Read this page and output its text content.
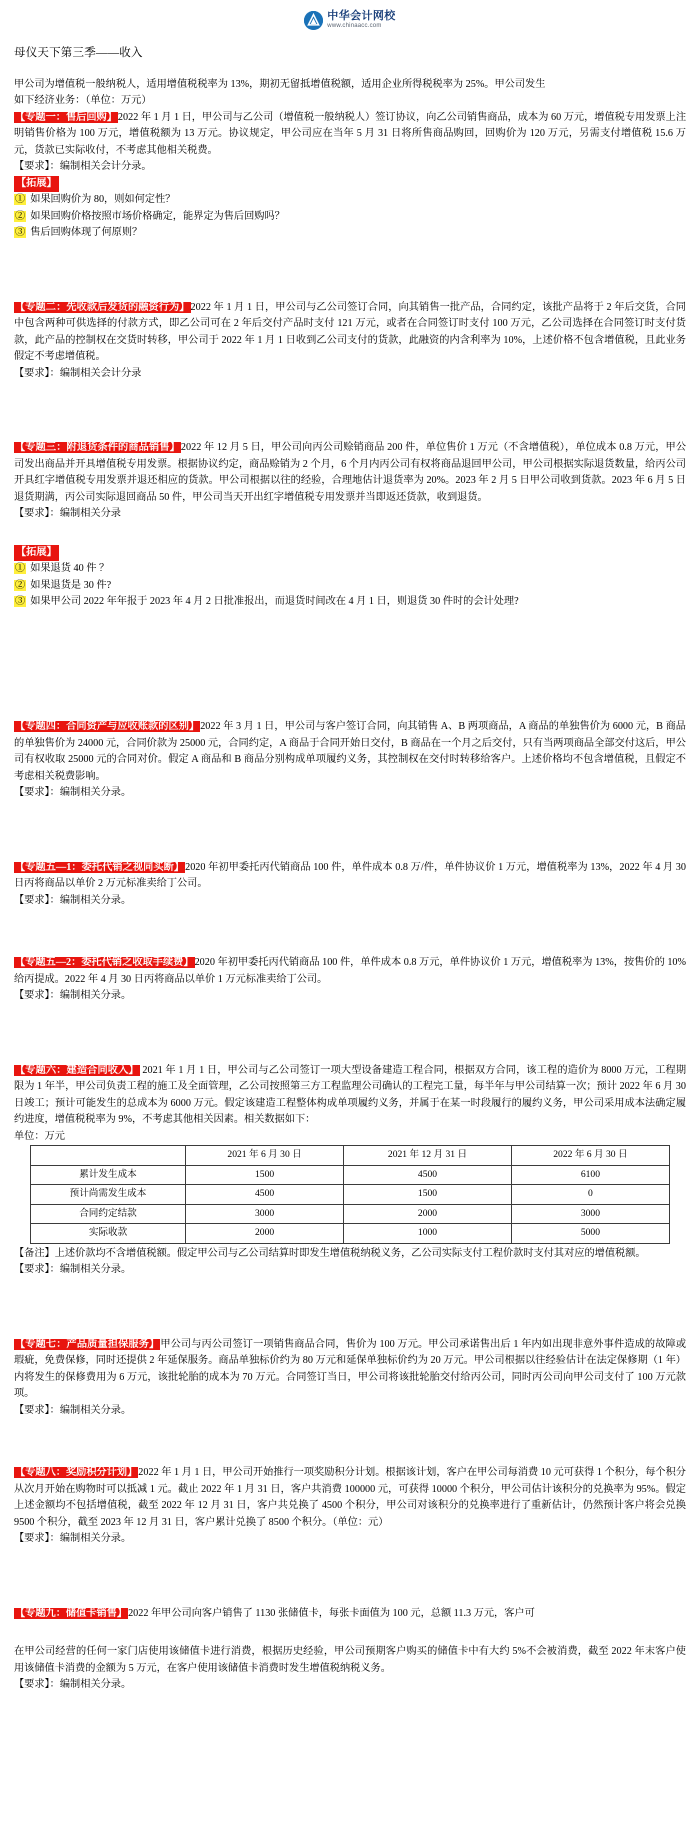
中华会计网校
www.chinaacc.com
母仪天下第三季——收入

甲公司为增值税一般纳税人，适用增值税税率为 13%，期初无留抵增值税额，适用企业所得税税率为 25%。甲公司发生

如下经济业务：（单位：万元）

【专题一：售后回购】2022 年 1 月 1 日，甲公司与乙公司（增值税一般纳税人）签订协议，向乙公司销售商品，成本为 60 万元，增值税专用发票上注明销售价格为 100 万元，增值税额为 13 万元。协议规定，甲公司应在当年 5 月 31 日将所售商品购回，回购价为 120 万元，另需支付增值税 15.6 万元，货款已实际收付，不考虑其他相关税费。

【要求】：编制相关会计分录。

【拓展】

① 如果回购价为 80，则如何定性？

② 如果回购价格按照市场价格确定，能界定为售后回购吗？

③ 售后回购体现了何原则？

【专题二：先收款后发货的融资行为】2022 年 1 月 1 日，甲公司与乙公司签订合同，向其销售一批产品，合同约定，该批产品将于 2 年后交货，合同中包含两种可供选择的付款方式，即乙公司可在 2 年后交付产品时支付 121 万元，或者在合同签订时支付 100 万元，乙公司选择在合同签订时支付货款，此产品的控制权在交货时转移，甲公司于 2022 年 1 月 1 日收到乙公司支付的货款，此融资的内含利率为 10%，上述价格不包含增值税，且此业务假定不考虑增值税。

【要求】：编制相关会计分录

【专题三：附退货条件的商品销售】2022 年 12 月 5 日，甲公司向丙公司赊销商品 200 件，单位售价 1 万元（不含增值税），单位成本 0.8 万元，甲公司发出商品并开具增值税专用发票。根据协议约定，商品赊销为 2 个月，6 个月内丙公司有权将商品退回甲公司，甲公司根据实际退货数量，给丙公司开具红字增值税专用发票并退还相应的货款。甲公司根据以往的经验，合理地估计退货率为 20%。2023 年 2 月 5 日甲公司收到货款。2023 年 6 月 5 日退货期满，丙公司实际退回商品 50 件，甲公司当天开出红字增值税专用发票并当即返还货款，收到退货。

【要求】：编制相关分录

【拓展】

① 如果退货 40 件 ？

② 如果退货是 30 件?

③ 如果甲公司 2022 年年报于 2023 年 4 月 2 日批准报出，而退货时间改在 4 月 1 日，则退货 30 件时的会计处理?

【专题四：合同资产与应收账款的区别】2022 年 3 月 1 日，甲公司与客户签订合同，向其销售 A、B 两项商品，A 商品的单独售价为 6000 元，B 商品的单独售价为 24000 元，合同价款为 25000 元，合同约定，A 商品于合同开始日交付，B 商品在一个月之后交付，只有当两项商品全部交付这后，甲公司有权收取 25000 元的合同对价。假定 A 商品和 B 商品分别构成单项履约义务，其控制权在交付时转移给客户。上述价格均不包含增值税，且假定不考虑相关税费影响。

【要求】：编制相关分录。

【专题五—1：委托代销之视同买断】2020 年初甲委托丙代销商品 100 件，单件成本 0.8 万/件，单件协议价 1 万元，增值税率为 13%，2022 年 4 月 30 日丙将商品以单价 2 万元标准卖给丁公司。

【要求】：编制相关分录。

【专题五—2：委托代销之收取手续费】2020 年初甲委托丙代销商品 100 件，单件成本 0.8 万元，单件协议价 1 万元，增值税率为 13%，按售价的 10%给丙提成。2022 年 4 月 30 日丙将商品以单价 1 万元标准卖给丁公司。

【要求】：编制相关分录。

【专题六：建造合同收入】 2021 年 1 月 1 日，甲公司与乙公司签订一项大型设备建造工程合同，根据双方合同，该工程的造价为 8000 万元，工程期限为 1 年半，甲公司负责工程的施工及全面管理，乙公司按照第三方工程监理公司确认的工程完工量，每半年与甲公司结算一次；预计 2022 年 6 月 30 日竣工；预计可能发生的总成本为 6000 万元。假定该建造工程整体构成单项履约义务，并属于在某一时段履行的履约义务，甲公司采用成本法确定履约进度，增值税税率为 9%，不考虑其他相关因素。相关数据如下：

单位：万元

	2021 年 6 月 30 日	2021 年 12 月 31 日	2022 年 6 月 30 日
累计发生成本	1500	4500	6100
预计尚需发生成本	4500	1500	0
合同约定结款	3000	2000	3000
实际收款	2000	1000	5000

【备注】上述价款均不含增值税额。假定甲公司与乙公司结算时即发生增值税纳税义务，乙公司实际支付工程价款时支付其对应的增值税额。

【要求】：编制相关分录。

【专题七：产品质量担保服务】甲公司与丙公司签订一项销售商品合同，售价为 100 万元。甲公司承诺售出后 1 年内如出现非意外事件造成的故障或瑕疵，免费保修，同时还提供 2 年延保服务。商品单独标价约为 80 万元和延保单独标价约为 20 万元。甲公司根据以往经验估计在法定保修期（1 年）内将发生的保修费用为 6 万元，该批轮胎的成本为 70 万元。合同签订当日，甲公司将该批轮胎交付给丙公司，同时丙公司向甲公司支付了 100 万元款项。

【要求】：编制相关分录。

【专题八：奖励积分计划】2022 年 1 月 1 日，甲公司开始推行一项奖励积分计划。根据该计划，客户在甲公司每消费 10 元可获得 1 个积分，每个积分从次月开始在购物时可以抵减 1 元。截止 2022 年 1 月 31 日，客户共消费 100000 元，可获得 10000 个积分，甲公司估计该积分的兑换率为 95%。假定上述金额均不包括增值税，截至 2022 年 12 月 31 日，客户共兑换了 4500 个积分，甲公司对该积分的兑换率进行了重新估计，仍然预计客户将会兑换 9500 个积分，截至 2023 年 12 月 31 日，客户累计兑换了 8500 个积分。（单位：元）

【要求】：编制相关分录。

【专题九：储值卡销售】2022 年甲公司向客户销售了 1130 张储值卡，每张卡面值为 100 元，总额 11.3 万元，客户可

在甲公司经营的任何一家门店使用该储值卡进行消费，根据历史经验，甲公司预期客户购买的储值卡中有大约 5%不会被消费，截至 2022 年末客户使用该储值卡消费的金额为 5 万元，在客户使用该储值卡消费时发生增值税纳税义务。

【要求】：编制相关分录。
